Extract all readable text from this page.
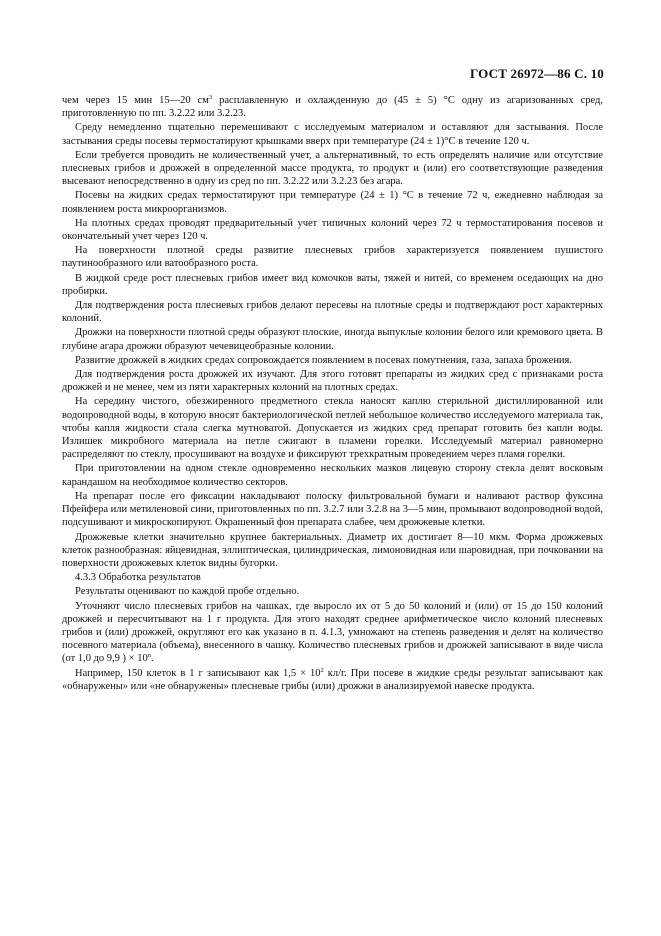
ГОСТ 26972—86 С. 10

чем через 15 мин 15—20 $см^3$ расплавленную и охлажденную до (45 ± 5) °С одну из агаризованных сред, приготовленную по пп. 3.2.22 или 3.2.23.

Среду немедленно тщательно перемешивают с исследуемым материалом и оставляют для застывания. После застывания среды посевы термостатируют крышками вверх при температуре (24 ± 1)°С в течение 120 ч.

Если требуется проводить не количественный учет, а альтернативный, то есть определять наличие или отсутствие плесневых грибов и дрожжей в определенной массе продукта, то продукт и (или) его соответствующие разведения высевают непосредственно в одну из сред по пп. 3.2.22 или 3.2.23 без агара.

Посевы на жидких средах термостатируют при температуре (24 ± 1) °С в течение 72 ч, ежедневно наблюдая за появлением роста микроорганизмов.

На плотных средах проводят предварительный учет типичных колоний через 72 ч термостатирования посевов и окончательный учет через 120 ч.

На поверхности плотной среды развитие плесневых грибов характеризуется появлением пушистого паутинообразного или ватообразного роста.

В жидкой среде рост плесневых грибов имеет вид комочков ваты, тяжей и нитей, со временем оседающих на дно пробирки.

Для подтверждения роста плесневых грибов делают пересевы на плотные среды и подтверждают рост характерных колоний.

Дрожжи на поверхности плотной среды образуют плоские, иногда выпуклые колонии белого или кремового цвета. В глубине агара дрожжи образуют чечевицеобразные колонии.

Развитие дрожжей в жидких средах сопровождается появлением в посевах помутнения, газа, запаха брожения.

Для подтверждения роста дрожжей их изучают. Для этого готовят препараты из жидких сред с признаками роста дрожжей и не менее, чем из пяти характерных колоний на плотных средах.

На середину чистого, обезжиренного предметного стекла наносят каплю стерильной дистиллированной или водопроводной воды, в которую вносят бактериологической петлей небольшое количество исследуемого материала так, чтобы капля жидкости стала слегка мутноватой. Допускается из жидких сред препарат готовить без капли воды. Излишек микробного материала на петле сжигают в пламени горелки. Исследуемый материал равномерно распределяют по стеклу, просушивают на воздухе и фиксируют трехкратным проведением через пламя горелки.

При приготовлении на одном стекле одновременно нескольких мазков лицевую сторону стекла делят восковым карандашом на необходимое количество секторов.

На препарат после его фиксации накладывают полоску фильтровальной бумаги и наливают раствор фуксина Пфейфера или метиленовой сини, приготовленных по пп. 3.2.7 или 3.2.8 на 3—5 мин, промывают водопроводной водой, подсушивают и микроскопируют. Окрашенный фон препарата слабее, чем дрожжевые клетки.

Дрожжевые клетки значительно крупнее бактериальных. Диаметр их достигает 8—10 мкм. Форма дрожжевых клеток разнообразная: яйцевидная, эллиптическая, цилиндрическая, лимоновидная или шаровидная, при почковании на поверхности дрожжевых клеток видны бугорки.

4.3.3 Обработка результатов

Результаты оценивают по каждой пробе отдельно.

Уточняют число плесневых грибов на чашках, где выросло их от 5 до 50 колоний и (или) от 15 до 150 колоний дрожжей и пересчитывают на 1 г продукта. Для этого находят среднее арифметическое число колоний плесневых грибов и (или) дрожжей, округляют его как указано в п. 4.1.3, умножают на степень разведения и делят на количество посевного материала (объема), внесенного в чашку. Количество плесневых грибов и дрожжей записывают в виде числа (от 1,0 до 9,9 ) × $10^n$.

Например, 150 клеток в 1 г записывают как $1,5 \times 10^2$ кл/г. При посеве в жидкие среды результат записывают как «обнаружены» или «не обнаружены» плесневые грибы (или) дрожжи в анализируемой навеске продукта.
